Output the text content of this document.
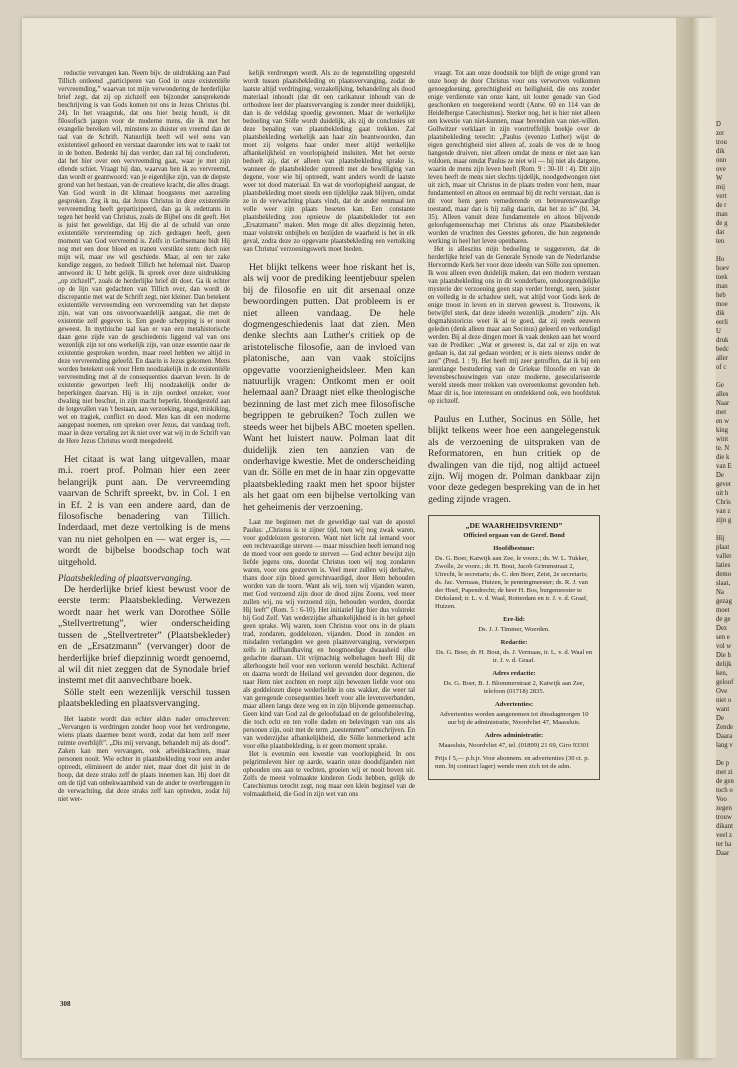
reductie vervangen kan. Neem bijv. de uitdrukking aan Paul Tillich ontleend „participeren van God in onze existentiële vervreemding,” waarvan tot mijn verwondering de herderlijke brief zegt, dat zij op zichzelf een bijzonder aansprekende beschrijving is van Gods komen tot ons in Jezus Christus (bl. 24). In het vraagstuk, dat ons hier bezig houdt, is dit filosofisch jargon voor de moderne mens, die ik met het evangelie bereiken wil, minstens zo duister en vreemd dan de taal van de Schrift. Natuurlijk heeft wil wel eens van existentieel gehoord en verstaat daaronder iets wat te raakt tot in de botten. Bedenkt hij dan verder, dan zal hij concluderen, dat het hier over een vervreemding gaat, waar je met zijn ellende schiet. Vraagt hij dan, waarvan ben ik zo vervreemd, dan wordt er geantwoord: van je eigenlijke zijn, van de diepste grond van het bestaan, van de creatieve kracht, die alles draagt. Van God wordt in dit klimaat hoogstens met aarzeling gesproken. Zeg ik nu, dat Jezus Christus in deze existentiële vervreemding heeft geparticipeerd, dan ga ik redetrants in tegen het beeld van Christus, zoals de Bijbel ons dit geeft. Het is juist het geweldige, dat Hij die al de schuld van onze existentiële vervreemding op zich gedragen heeft, geen moment van God vervreemd is. Zelfs in Gethsemane bidt Hij nog met een door bloed en tranen verstikte stem: doch niet mijn wil, maar uw wil geschiede. Maar, al een ter zake kundige zeggen, zo bedoelt Tillich het helemaal niet. Daarop antwoord ik: U hebt gelijk. Ik spreek over deze uitdrukking „op zichzelf”, zoals de herderlijke brief dit doet. Ga ik echter op de lijn van gedachten van Tillich over, dan wordt de discrepantie met wat de Schrift zegt, niet kleiner. Dan betekent existentiële vervreemding een vervreemding van het diepste zijn, wat van ons onvoorwaardelijk aangaat, die met de existentie zelf gegeven is. Een goede schepping is er nooit geweest. In mythische taal kan er van een metahistorische daan gene zijde van de geschiedenis liggend val van ons wezenlijk zijn tot ons werkelijk zijn, van onze essentie naar de existentie gesproken worden, maar reeel hebben we altijd in deze vervreemding geleefd. En daarin is Jezus gekomen. Mens worden betekent ook voor Hem noodzakelijk in de existentiële vervreemding met al de consequenties daarvan leven. In de existentie gewortpen leeft Hij noodzakelijk onder de beperkingen daarvan. Hij is in zijn oordeel onzeker, voor dwaling niet beschut, in zijn macht beperkt, bloodgesteld aan de lotgevallen van 't bestaan, aan verzoeking, angst, miskiking, wet en tragiek, conflict en dood. Men kan dit een moderne aangepast noemen, om spreken over Jezus, dat vandaag treft, maar in deze vertaling zet ik niet over wat wij in de Schrift van de Here Jezus Christus wordt meegedeeld.

Het citaat is wat lang uitgevallen, maar m.i. roert prof. Polman hier een zeer belangrijk punt aan. De vervreemding vaarvan de Schrift spreekt, bv. in Col. 1 en in Ef. 2 is van een andere aard, dan de filosofische benadering van Tillich. Inderdaad, met deze vertolking is de mens van nu niet geholpen en — wat erger is, — wordt de bijbelse boodschap toch wat uitgehold.

Plaatsbekleding of plaatsvervanging.

De herderlijke brief kiest bewust voor de eerste term: Plaatsbekleding. Verwezen wordt naar het werk van Dorothee Sölle „Stellvertretung”, wier onderscheiding tussen de „Stellvertreter” (Plaatsbekleder) en de „Ersatzmann” (vervanger) door de herderlijke brief diepzinnig wordt genoemd, al wil dit niet zeggen dat de Synodale brief instemt met dit aanvechtbare boek.

Sölle stelt een wezenlijk verschil tussen plaatsbekleding en plaatsvervanging.

Het laatste wordt dan echter aldus nader omschreven: „Vervangen is verdringen zonder hoop voor het verdrongene, wiens plaats daarmee bezet wordt, zodat dat hem zelf meer ruimte overblijft”. „Dis mij vervangt, behandelt mij als dood”. Zaken kan men vervangen, ook arbeidskrachten, maar personen nooit. Wie echter in plaatsbekleding voor een ander optreedt, elimineert de ander niet, maar doet dit juist in de hoop, dat deze straks zelf de plaats innemen kan. Hij doet dit om de tijd van onbekwaamheid van de ander te overbruggen in de verwachting, dat deze straks zelf kan optreden, zodat hij niet wer-

kelijk verdrongen wordt. Als zo de tegenstelling opgesteld wordt tussen plaatsbekleding en plaatsvervanging, zodat de laatste altijd verdringing, verzakelijking, behandeling als dood materiaal inhoudt (dat dit een carikatuur inhoudt van de orthodoxe leer der plaatsvervanging is zonder meer duidelijk), dan is de veldslag spoedig gewonnen. Maar de werkelijke bedoeling van Sölle wordt duidelijk, als zij de conclusies uit deze bepaling van plaatsbekleding gaat trekken. Zal plaatsbekleding werkelijk aan haar zin beantwoorden, dan moet zij volgens haar onder meer altijd werkelijke afhankelijkheid en voorlopigheid insluiten. Met het eerste bedoelt zij, dat er alleen van plaatsbekleding sprake is, wanneer de plaatsbekleder optreedt met de bewilliging van degene, voor wie hij optreedt, want anders wordt de laatste weer tot dood materiaal. En wat de voorlopigheid aangaat, de plaatsbekleding moet steeds een tijdelijke zaak blijven, omdat ze in de verwachting plaats vindt, dat de ander eenmaal ten volle weer zijn plaats beseten kan. Een constante plaatsbekleding zou opnieuw de plaatsbekleder tot een „Ersatzmann” maken. Men moge dit alles diepzinnig heten, maar volstrekt onbijbels en bezijden de waarheid is het in elk geval, zodra deze zo opgevatte plaatsbekleding een vertolking van Christus' verzoeningswerk moet bieden.

Het blijkt telkens weer hoe riskant het is, als wij voor de prediking leentjebuur spelen bij de filosofie en uit dit arsenaal onze bewoordingen putten. Dat probleem is er niet alleen vandaag. De hele dogmengeschiedenis laat dat zien. Men denke slechts aan Luther's critiek op de aristotelische filosofie, aan de invloed van platonische, aan van vaak stoïcijns opgevatte voorzienigheidsleer. Men kan natuurlijk vragen: Ontkomt men er ooit helemaal aan? Draagt niet elke theologische bezinning de last met zich mee filosofische begrippen te gebruiken? Toch zullen we steeds weer het bijbels ABC moeten spellen. Want het luistert nauw. Polman laat dit duidelijk zien ten aanzien van de onderhavige kwestie. Met de onderscheiding van dr. Sölle en met de in haar zin opgevatte plaatsbekleding raakt men het spoor bijster als het gaat om een bijbelse vertolking van het geheimenis der verzoening.

Laat me beginnen met de geweldige taal van de apostel Paulus: „Christus is te zijner tijd, toen wij nog zwak waren, voor goddelozen gestorven. Want niet licht zal iemand voor een rechtvaardige sterven — maar misschien heeft iemand nog de moed voor een goede te sterven — God echter bewijst zijn liefde jegens ons, doordat Christus toen wij nog zondaren waren, voor ons gestorven is. Veel meer zullen wij derhalve, thans door zijn bloed gerechtvaardigd, door Hem behouden worden van de toorn. Want als wij, toen wij vijanden waren, met God verzoend zijn door de dood zijns Zoons, veel meer zullen wij, nu wij verzoend zijn, behouden worden, doordat Hij leeft” (Rom. 5 : 6-10). Het initiatief ligt hier dus volstrekt bij God Zelf. Van wederzijdse afhankelijkheid is in het geheel geen sprake. Wij waren, toen Christus voor ons in de plaats trad, zondaren, goddelozen, vijanden. Dood in zonden en misdaden verlangden we geen plaatsvervanging, verwierpen zelfs in zelfhandhaving en hoogmoedige dwaasheid elke gedachte daaraan. Uit vrijmachtig welbehagen heeft Hij dit allerhoogste heil voor een verloren wereld beschikt. Achteraf en daarna wordt de Heiland wel gevonden door degenen, die naar Hem niet zochten en roept zijn bewezen liefde voor ons als goddelozen diepe wederliefde in ons wakker, die weer tal van geregende consequenties heeft voor alle levensverbanden, maar alleen langs deze weg en in zijn blijvende gemeenschap. Geen kind van God zal de geloofsdaad en de geloofsbeleving, die toch echt en ten volle daden en belevingen van ons als personen zijn, ooit met de term „toestemmen” omschrijven. En van wederzijdse afhankelijkheid, die Sölle kenmerkend acht voor elke plaatsbekleding, is er geen moment sprake.

Het is evenmin een kwestie van voorlopigheid. In ons pelgrimsleven hier op aarde, waarin onze doodsfijanden niet ophouden ons aan te vechten, groeien wij er nooit boven uit. Zelfs de meest volmaakte kinderen Gods hebben, gelijk de Catechismus terecht zegt, nog maar een klein beginsel van de volmaaktheid, die God in zijn wet van ons

vraagt. Tot aan onze doodsnik toe blijft de enige grond van onze hoop de door Christus voor ons verworven volkomen genoegdoening, gerechtigheid en heiligheid, die ons zonder enige verdienste van onze kant, uit louter genade van God geschonken en toegerekend wordt (Antw. 60 en 114 van de Heidelbergse Catechismus). Sterker nog, het is hier niet alleen een kwestie van niet-kunnen, maar bovendien van niet-willen. Gollwitzer verklaart in zijn voortreffelijk boekje over de plaatsbekleding terecht: „Paulus (evenzo Luther) wijst de eigen gerechtigheid niet alleen af, zoals de vos de te hoog hangende druiven, niet alleen omdat de mens er niet aan kan voldoen, maar omdat Paulus ze niet wil — hij niet als datgene, waarin de mens zijn leven heeft (Rom. 9 : 30-10 : 4). Dit zijn leven heeft de mens niet slechts tijdelijk, noodgedwongen niet uit zich, maar uit Christus in de plaats treden voor hem, maar fundamenteel en altoos en eenmaal bij dit recht verstaat, dan is dit voor hem geen vernederende en betreurenswaardige toestand, maar dan is hij zalig daarin, dat het zo is” (bl. 34, 35). Alleen vanuit deze fundamentele en altoos blijvende geloofsgemeenschap met Christus als onze Plaatsbekleder worden de vruchten des Geestes geboren, die hun zegenende werking in heel het leven openbaren.

Het is alleszins mijn bedoeling te suggereren, dat de herderlijke brief van de Generale Synode van de Nederlandse Hervormde Kerk het voor deze ideeën van Sölle zou opnemen. Ik wou alleen even duidelijk maken, dat een modern verstaan van plaatsbekleding ons in dit wonderbare, ondoorgrondelijke mysterie der verzoening geen stap verder brengt, neen, juister en volledig in de schaduw stelt, wat altijd voor Gods kerk de enige troost in leven en in sterven geweest is. Trouwens, ik betwijfel sterk, dat deze ideeën wezenlijk „modern” zijn. Als dogmahistoricus weet ik al te goed, dat zij reeds eeuwen geleden (denk alleen maar aan Socinus) geleerd en verkondigd werden. Bij al deze dingen moet ik vaak denken aan het woord van de Prediker: „Wat er geweest is, dat zal er zijn en wat gedaan is, dat zal gedaan worden; er is niets nieuws onder de zon” (Pred. 1 : 9). Het heeft mij zeer getroffen, dat ik bij een jarenlange bestudering van de Griekse filosofie en van de levensbeschouwingen van onze moderne, geseculariseerde wereld steeds meer trekken van overeenkomst gevonden heb. Maar dit is, hoe interessant en ontdekkend ook, een hoofdstuk op zichzelf.

Paulus en Luther, Socinus en Sölle, het blijkt telkens weer hoe een aangelegenstuk als de verzoening de uitspraken van de Reformatoren, en hun critiek op de dwalingen van die tijd, nog altijd actueel zijn. Wij mogen dr. Polman dankbaar zijn voor deze gedegen bespreking van de in het geding zijnde vragen.

„DE WAARHEIDSVRIEND”
Officieel orgaan van de Geref. Bond
Hoofdbestuur:
Ds. G. Boer, Katwijk aan Zee, le voorz.; ds. W. L. Tukker, Zwolle, 2e voorz.; dr. H. Bout, Jacob Grimmstraat 2, Utrecht, le secretaris; ds. C. den Boer, Zeist, 2e secretaris; ds. Jac. Vermaas, Huizen, le penningmeester; ds. R. J. van der Hoef, Papendrecht; de heer H. Bos, burgemeester te Dirksland; ir. L. v. d. Waal, Rotterdam en ir. J. v. d. Graaf, Huizen.
Ere-lid:
Ds. J. J. Timmer, Woerden.
Redactie:
Ds. G. Boer, dr. H. Bout, ds. J. Vermaas, ir. L. v. d. Waal en ir. J. v. d. Graaf.
Adres redactie:
Ds. G. Boer, B. J. Blommerstraat 2, Katwijk aan Zee, telefoon (01718) 2835.
Advertenties:
Advertenties worden aangenomen tot dinsdagmorgen 10 uur bij de administratie, Noordvliet 47, Maassluis.
Adres administratie:
Maassluis, Noordvliet 47, tel. (01899) 21 69, Giro 93301
Prijs f 5,— p.b.jr. Voor abonnem. en advertenties (30 ct. p. mm. bij contract lager) wende men zich tot de adm.
308
D
zer
trou
dik
onn
ove
W
mij
vert
de r
man
de g
dat
ten

Ho
hoev
toek
man
heb
moe
dik
eerli
U
druk
bedc
aller
of c

Ge
alles
Naar
met
en w
king
wint
te. N
die k
van E
De
gever
uit h
Chris
van z
zijn g

Hij
plaat
valler
laties
demo
slaat,
Na
gezag
moet
de ge
Dez
sen e
vol w
Die h
delijk
ken,
geloof
Ove
niet o
want
De
Zende
Daara
lang v

De p
met zi
de gen
toch o
Voo
zegen
trouw
dikant
veel z
ter ha
Daar
